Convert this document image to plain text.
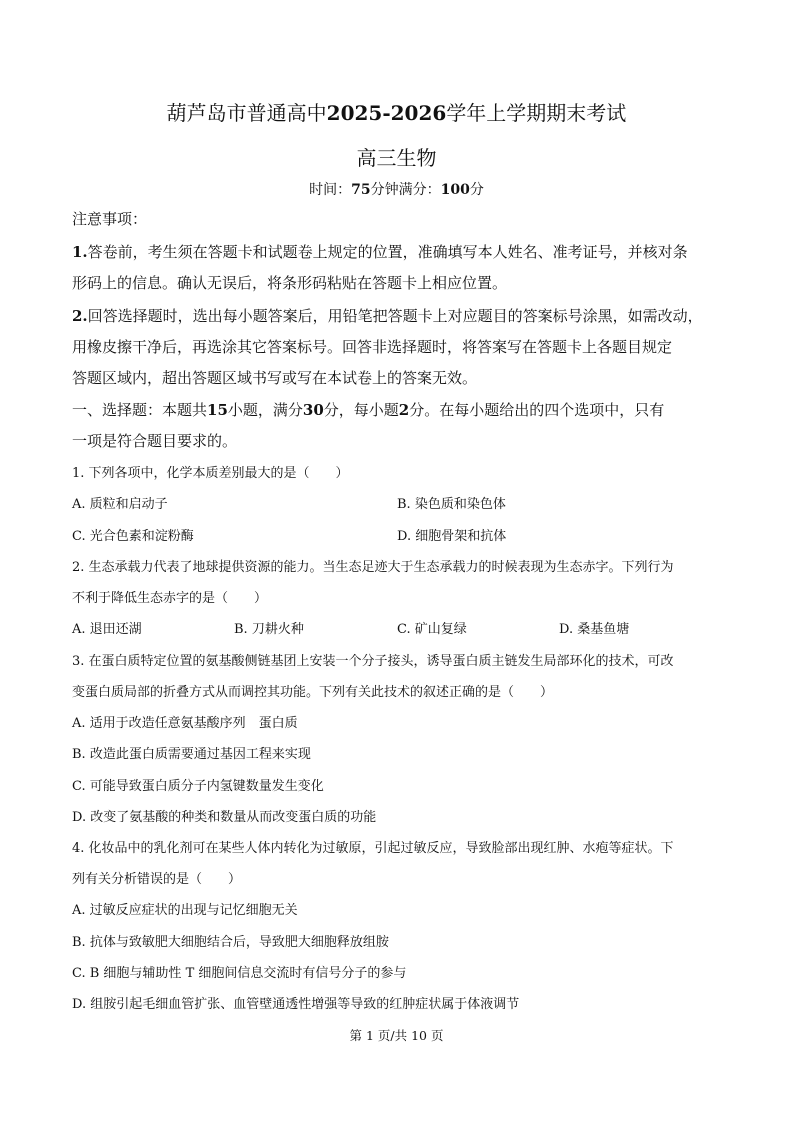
葫芦岛市普通高中2025-2026学年上学期期末考试
高三生物
时间：75分钟满分：100分
注意事项：
1.答卷前，考生须在答题卡和试题卷上规定的位置，准确填写本人姓名、准考证号，并核对条
形码上的信息。确认无误后，将条形码粘贴在答题卡上相应位置。
2.回答选择题时，选出每小题答案后，用铅笔把答题卡上对应题目的答案标号涂黑，如需改动，
用橡皮擦干净后，再选涂其它答案标号。回答非选择题时，将答案写在答题卡上各题目规定
答题区域内，超出答题区域书写或写在本试卷上的答案无效。
一、选择题：本题共15小题，满分30分，每小题2分。在每小题给出的四个选项中，只有
一项是符合题目要求的。
1. 下列各项中，化学本质差别最大的是（　　）
A. 质粒和启动子	B. 染色质和染色体
C. 光合色素和淀粉酶	D. 细胞骨架和抗体
2. 生态承载力代表了地球提供资源的能力。当生态足迹大于生态承载力的时候表现为生态赤字。下列行为
不利于降低生态赤字的是（　　）
A. 退田还湖	B. 刀耕火种	C. 矿山复绿	D. 桑基鱼塘
3. 在蛋白质特定位置的氨基酸侧链基团上安装一个分子接头，诱导蛋白质主链发生局部环化的技术，可改
变蛋白质局部的折叠方式从而调控其功能。下列有关此技术的叙述正确的是（　　）
A. 适用于改造任意氨基酸序列　蛋白质
B. 改造此蛋白质需要通过基因工程来实现
C. 可能导致蛋白质分子内氢键数量发生变化
D. 改变了氨基酸的种类和数量从而改变蛋白质的功能
4. 化妆品中的乳化剂可在某些人体内转化为过敏原，引起过敏反应，导致脸部出现红肿、水疱等症状。下
列有关分析错误的是（　　）
A. 过敏反应症状的出现与记忆细胞无关
B. 抗体与致敏肥大细胞结合后，导致肥大细胞释放组胺
C. B 细胞与辅助性 T 细胞间信息交流时有信号分子的参与
D. 组胺引起毛细血管扩张、血管壁通透性增强等导致的红肿症状属于体液调节
第 1 页/共 10 页
